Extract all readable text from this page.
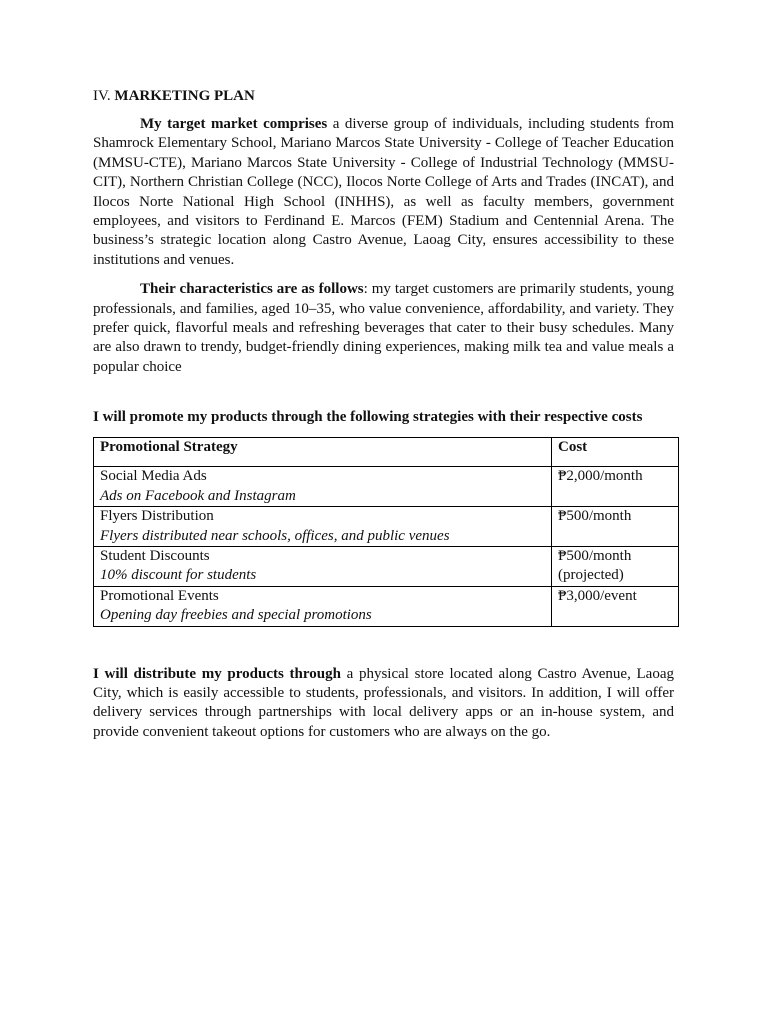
IV. MARKETING PLAN

My target market comprises a diverse group of individuals, including students from Shamrock Elementary School, Mariano Marcos State University - College of Teacher Education (MMSU-CTE), Mariano Marcos State University - College of Industrial Technology (MMSU-CIT), Northern Christian College (NCC), Ilocos Norte College of Arts and Trades (INCAT), and Ilocos Norte National High School (INHHS), as well as faculty members, government employees, and visitors to Ferdinand E. Marcos (FEM) Stadium and Centennial Arena. The business’s strategic location along Castro Avenue, Laoag City, ensures accessibility to these institutions and venues.

Their characteristics are as follows: my target customers are primarily students, young professionals, and families, aged 10–35, who value convenience, affordability, and variety. They prefer quick, flavorful meals and refreshing beverages that cater to their busy schedules. Many are also drawn to trendy, budget-friendly dining experiences, making milk tea and value meals a popular choice

I will promote my products through the following strategies with their respective costs

Promotional Strategy	Cost
Social Media Ads
Ads on Facebook and Instagram	₱2,000/month
Flyers Distribution
Flyers distributed near schools, offices, and public venues	₱500/month
Student Discounts
10% discount for students	₱500/month (projected)
Promotional Events
Opening day freebies and special promotions	₱3,000/event

I will distribute my products through a physical store located along Castro Avenue, Laoag City, which is easily accessible to students, professionals, and visitors. In addition, I will offer delivery services through partnerships with local delivery apps or an in-house system, and provide convenient takeout options for customers who are always on the go.
